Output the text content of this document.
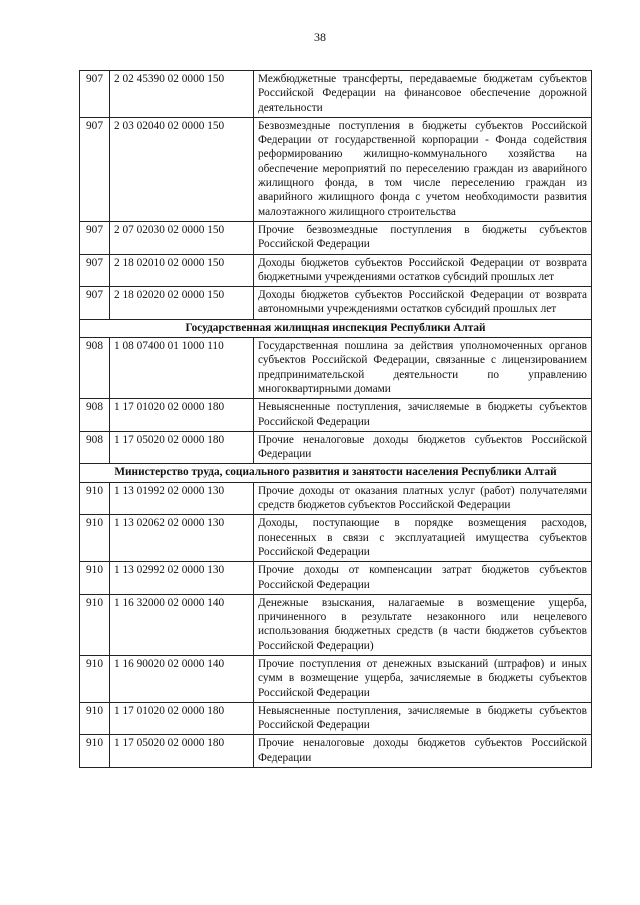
38
907	2 02 45390 02 0000 150	Межбюджетные трансферты, передаваемые бюджетам субъектов Российской Федерации на финансовое обеспечение дорожной деятельности
907	2 03 02040 02 0000 150	Безвозмездные поступления в бюджеты субъектов Российской Федерации от государственной корпорации - Фонда содействия реформированию жилищно-коммунального хозяйства на обеспечение мероприятий по переселению граждан из аварийного жилищного фонда, в том числе переселению граждан из аварийного жилищного фонда с учетом необходимости развития малоэтажного жилищного строительства
907	2 07 02030 02 0000 150	Прочие безвозмездные поступления в бюджеты субъектов Российской Федерации
907	2 18 02010 02 0000 150	Доходы бюджетов субъектов Российской Федерации от возврата бюджетными учреждениями остатков субсидий прошлых лет
907	2 18 02020 02 0000 150	Доходы бюджетов субъектов Российской Федерации от возврата автономными учреждениями остатков субсидий прошлых лет
Государственная жилищная инспекция Республики Алтай		
908	1 08 07400 01 1000 110	Государственная пошлина за действия уполномоченных органов субъектов Российской Федерации, связанные с лицензированием предпринимательской деятельности по управлению многоквартирными домами
908	1 17 01020 02 0000 180	Невыясненные поступления, зачисляемые в бюджеты субъектов Российской Федерации
908	1 17 05020 02 0000 180	Прочие неналоговые доходы бюджетов субъектов Российской Федерации
Министерство труда, социального развития и занятости населения Республики Алтай		
910	1 13 01992 02 0000 130	Прочие доходы от оказания платных услуг (работ) получателями средств бюджетов субъектов Российской Федерации
910	1 13 02062 02 0000 130	Доходы, поступающие в порядке возмещения расходов, понесенных в связи с эксплуатацией имущества субъектов Российской Федерации
910	1 13 02992 02 0000 130	Прочие доходы от компенсации затрат бюджетов субъектов Российской Федерации
910	1 16 32000 02 0000 140	Денежные взыскания, налагаемые в возмещение ущерба, причиненного в результате незаконного или нецелевого использования бюджетных средств (в части бюджетов субъектов Российской Федерации)
910	1 16 90020 02 0000 140	Прочие поступления от денежных взысканий (штрафов) и иных сумм в возмещение ущерба, зачисляемые в бюджеты субъектов Российской Федерации
910	1 17 01020 02 0000 180	Невыясненные поступления, зачисляемые в бюджеты субъектов Российской Федерации
910	1 17 05020 02 0000 180	Прочие неналоговые доходы бюджетов субъектов Российской Федерации
